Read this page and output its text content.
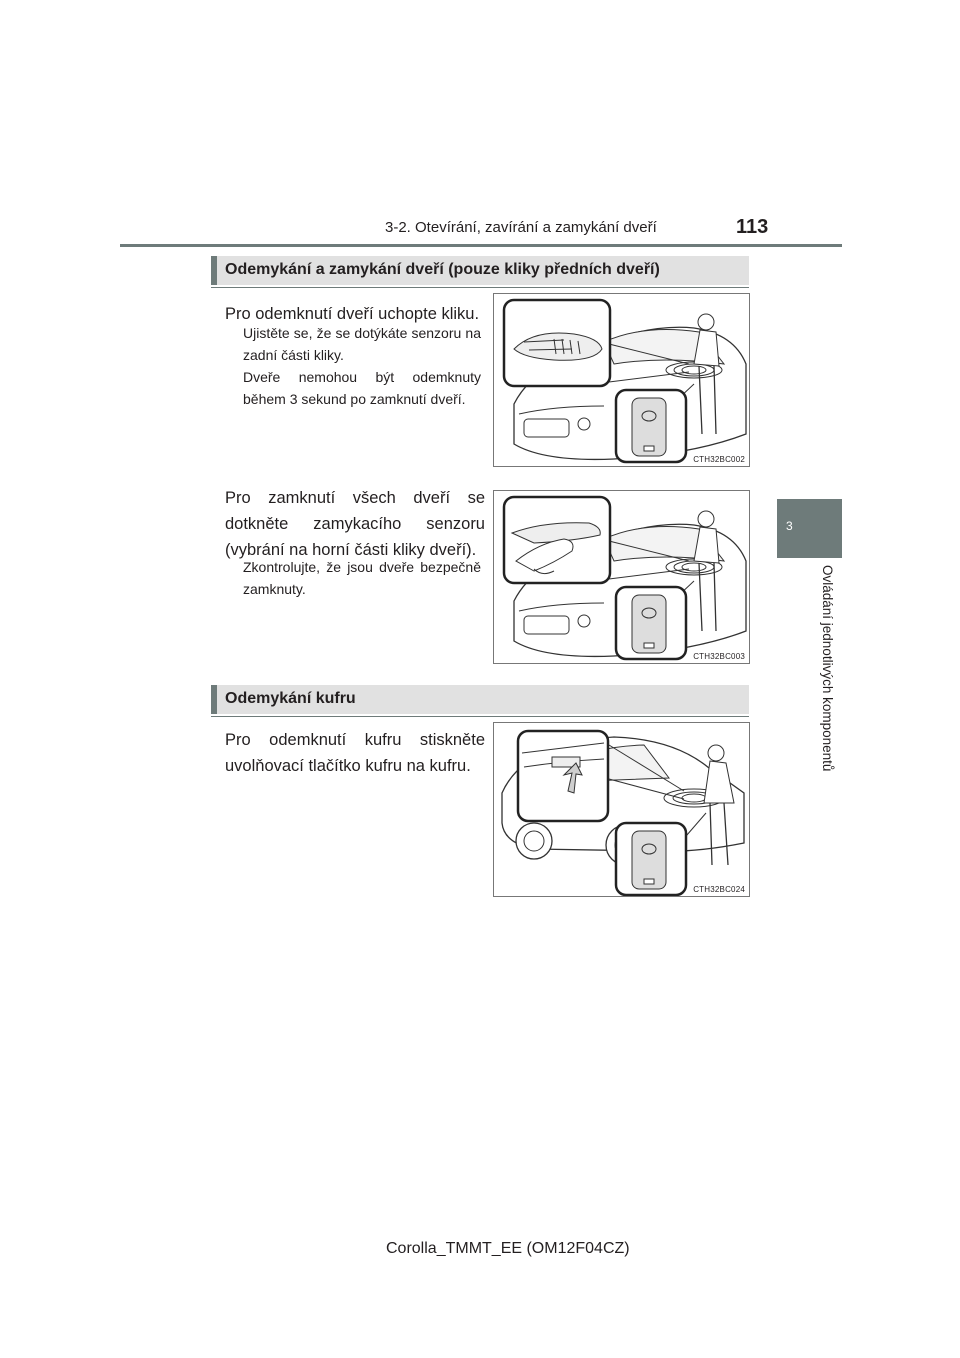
3-2. Otevírání, zavírání a zamykání dveří	113
3
Ovládání jednotlivých komponentů
Odemykání a zamykání dveří (pouze kliky předních dveří)
Pro odemknutí dveří uchopte kliku.
Ujistěte se, že se dotýkáte senzoru na zadní části kliky.
Dveře nemohou být odemknuty během 3 sekund po zamknutí dveří.
CTH32BC002
Pro zamknutí všech dveří se dotkněte zamykacího senzoru (vybrání na horní části kliky dveří).
Zkontrolujte, že jsou dveře bezpečně zamknuty.
CTH32BC003
Odemykání kufru
Pro odemknutí kufru stiskněte uvolňovací tlačítko kufru na kufru.
CTH32BC024
Corolla_TMMT_EE (OM12F04CZ)
